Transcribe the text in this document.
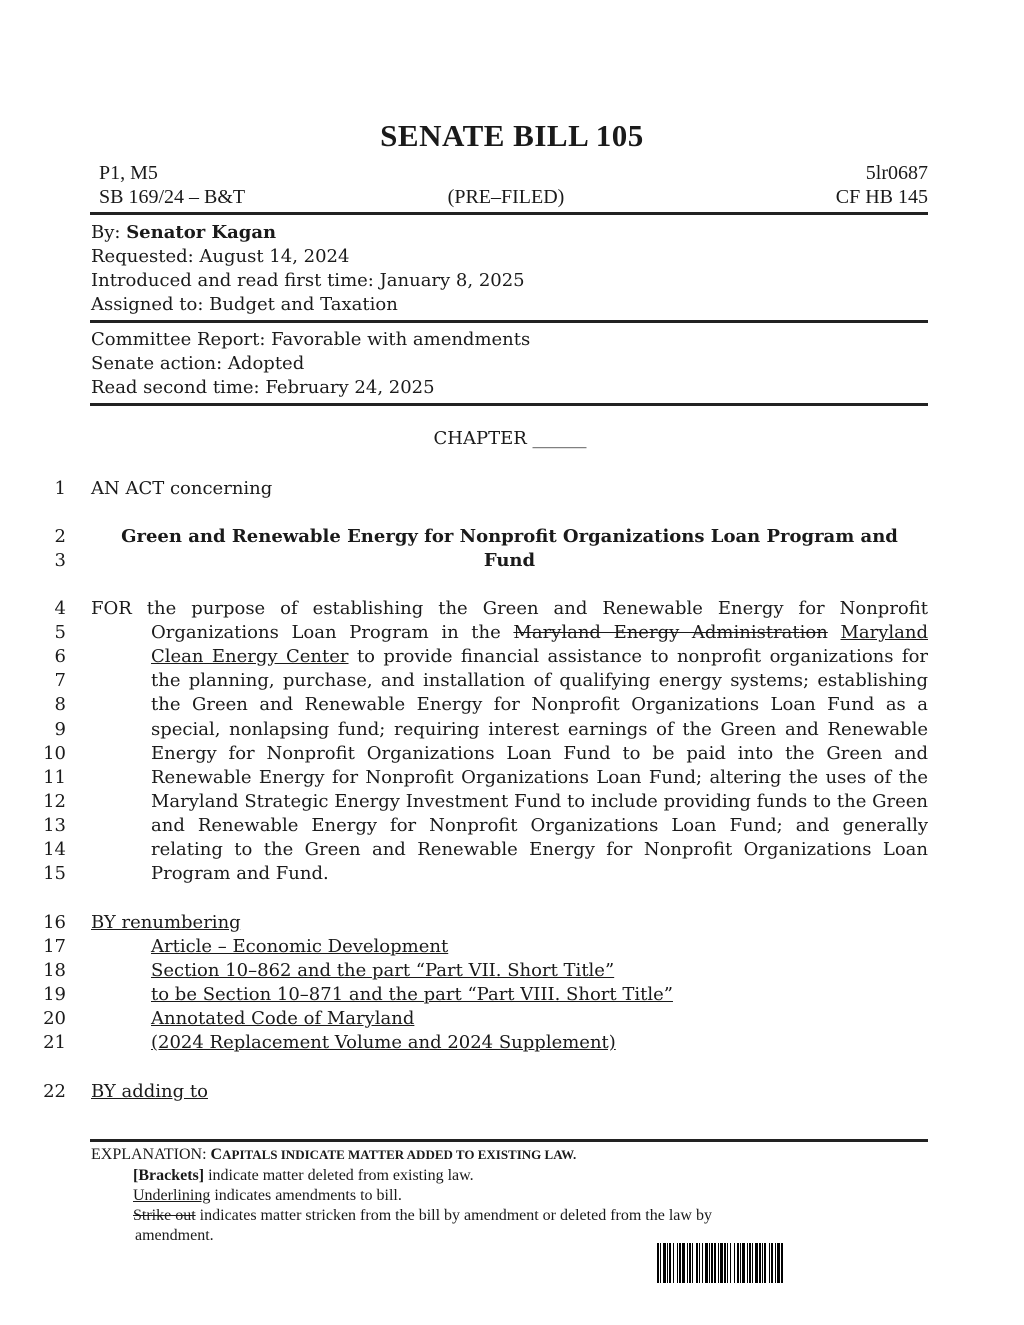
SENATE BILL 105
P1, M5	5lr0687
SB 169/24 – B&T	(PRE–FILED)	CF HB 145
By: Senator Kagan
Requested: August 14, 2024
Introduced and read first time: January 8, 2025
Assigned to: Budget and Taxation
Committee Report: Favorable with amendments
Senate action: Adopted
Read second time: February 24, 2025
CHAPTER ______
1
2
3
4
5
6
7
8
9
10
11
12
13
14
15
16
17
18
19
20
21
22
AN ACT concerning
Green and Renewable Energy for Nonprofit Organizations Loan Program and
Fund
FOR the purpose of establishing the Green and Renewable Energy for Nonprofit
Organizations Loan Program in the Maryland Energy Administration Maryland
Clean Energy Center to provide financial assistance to nonprofit organizations for
the planning, purchase, and installation of qualifying energy systems; establishing
the Green and Renewable Energy for Nonprofit Organizations Loan Fund as a
special, nonlapsing fund; requiring interest earnings of the Green and Renewable
Energy for Nonprofit Organizations Loan Fund to be paid into the Green and
Renewable Energy for Nonprofit Organizations Loan Fund; altering the uses of the
Maryland Strategic Energy Investment Fund to include providing funds to the Green
and Renewable Energy for Nonprofit Organizations Loan Fund; and generally
relating to the Green and Renewable Energy for Nonprofit Organizations Loan
Program and Fund.
BY renumbering
Article – Economic Development
Section 10–862 and the part “Part VII. Short Title”
to be Section 10–871 and the part “Part VIII. Short Title”
Annotated Code of Maryland
(2024 Replacement Volume and 2024 Supplement)
BY adding to
EXPLANATION: CAPITALS INDICATE MATTER ADDED TO EXISTING LAW.
[Brackets] indicate matter deleted from existing law.
Underlining indicates amendments to bill.
Strike out indicates matter stricken from the bill by amendment or deleted from the law by
amendment.
